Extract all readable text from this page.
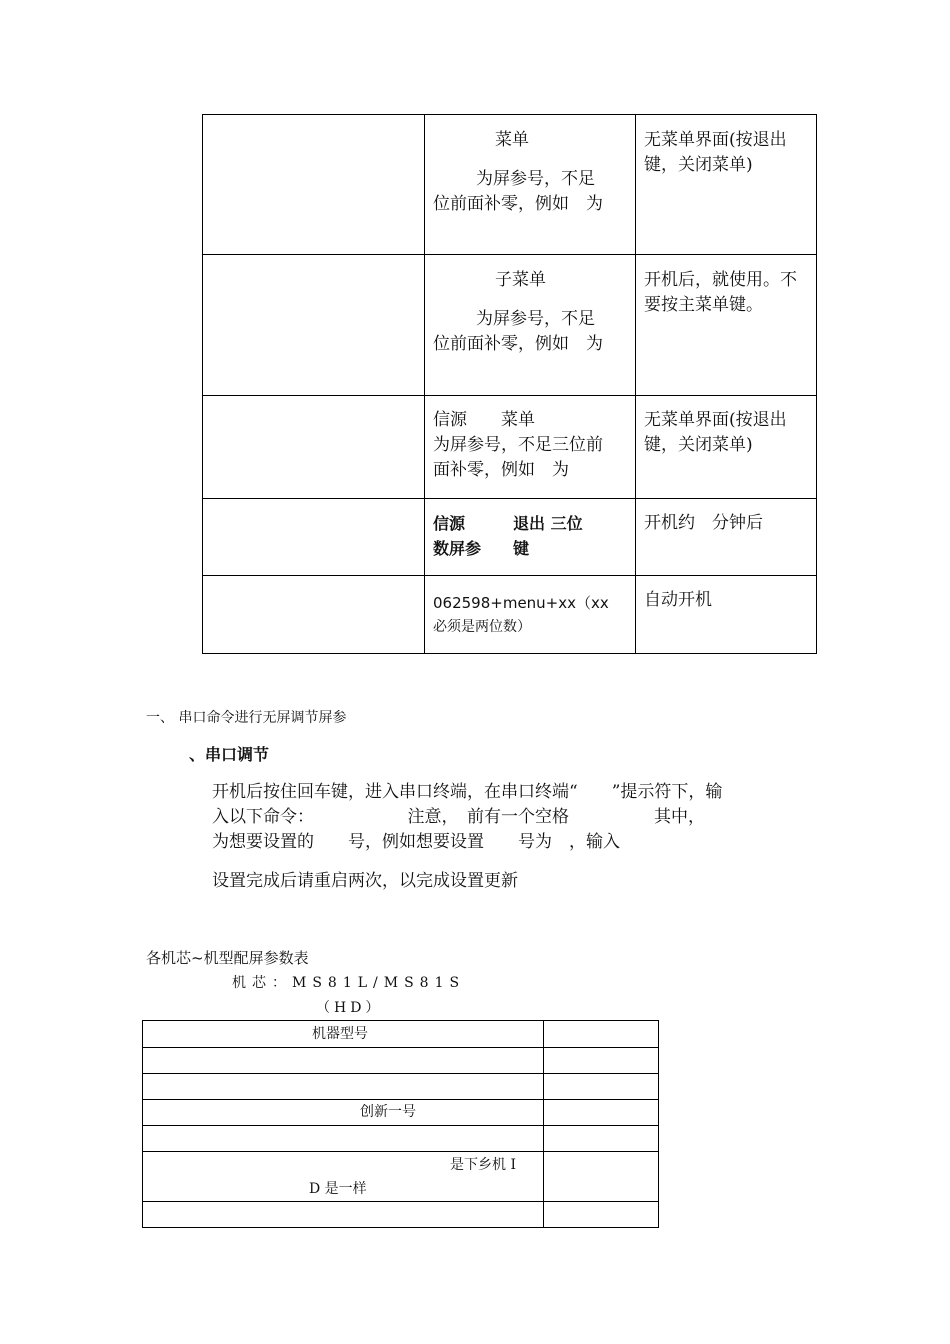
菜单
为屏参号，不足
位前面补零，例如　为
无菜单界面(按退出
键，关闭菜单)
子菜单
为屏参号，不足
位前面补零，例如　为
开机后，就使用。不
要按主菜单键。
信源　　菜单
为屏参号，不足三位前
面补零，例如　为
无菜单界面(按退出
键，关闭菜单)
信源　　　退出 三位
数屏参　　键
开机约　分钟后
062598+menu+xx（xx
必须是两位数）
自动开机
一、 串口命令进行无屏调节屏参
、串口调节
开机后按住回车键，进入串口终端，在串口终端“　　”提示符下，输
入以下命令：　　　　　　注意，　前有一个空格　　　　　其中，
为想要设置的　　号，例如想要设置　　号为　，输入
设置完成后请重启两次，以完成设置更新
各机芯~机型配屏参数表
机芯：MS81L/MS81S
（HD）
机器型号
创新一号
是下乡机 I
D 是一样
